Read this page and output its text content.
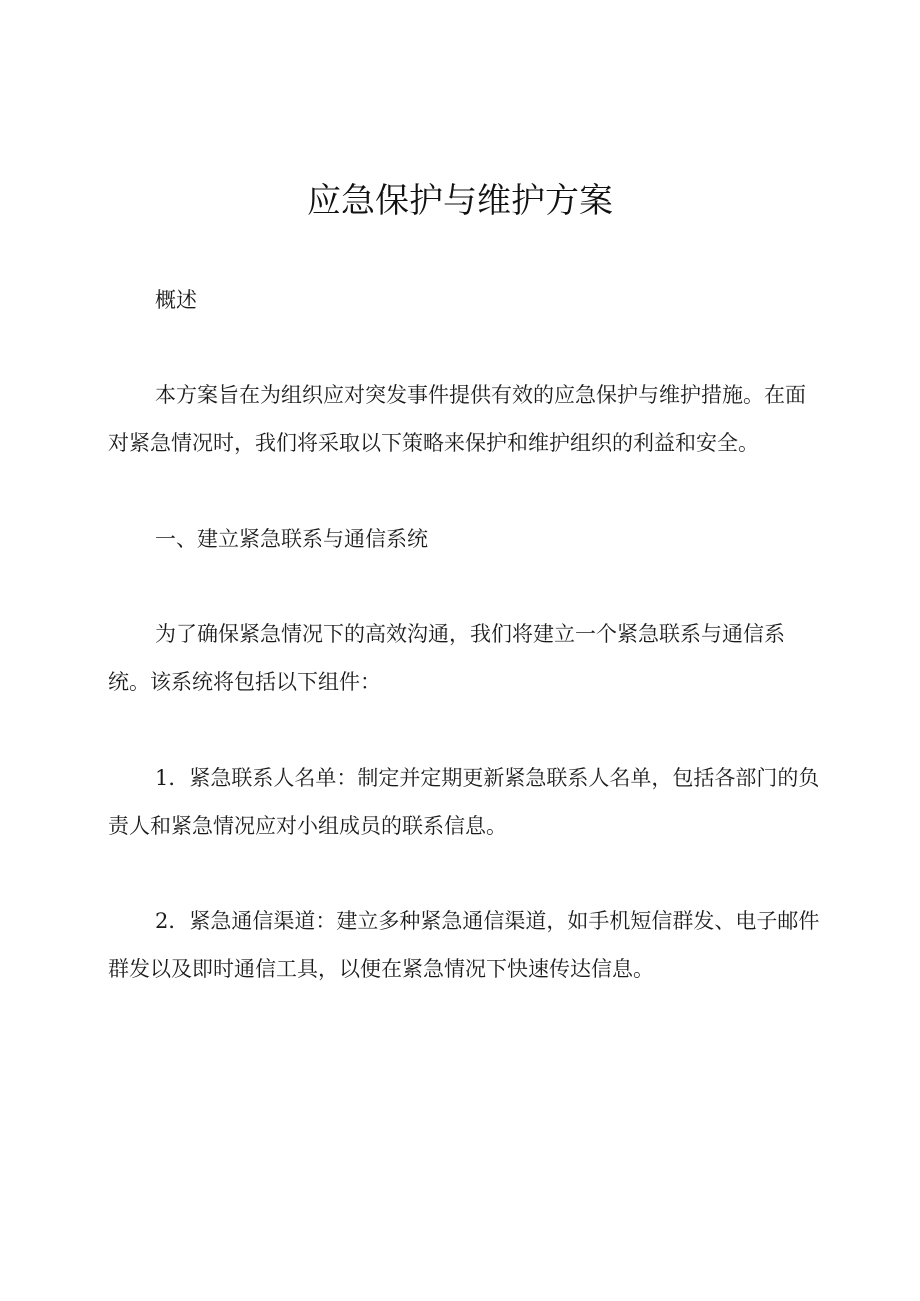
应急保护与维护方案

概述

本方案旨在为组织应对突发事件提供有效的应急保护与维护措施。在面对紧急情况时，我们将采取以下策略来保护和维护组织的利益和安全。

一、建立紧急联系与通信系统

为了确保紧急情况下的高效沟通，我们将建立一个紧急联系与通信系统。该系统将包括以下组件：

1．紧急联系人名单：制定并定期更新紧急联系人名单，包括各部门的负责人和紧急情况应对小组成员的联系信息。

2．紧急通信渠道：建立多种紧急通信渠道，如手机短信群发、电子邮件群发以及即时通信工具，以便在紧急情况下快速传达信息。
